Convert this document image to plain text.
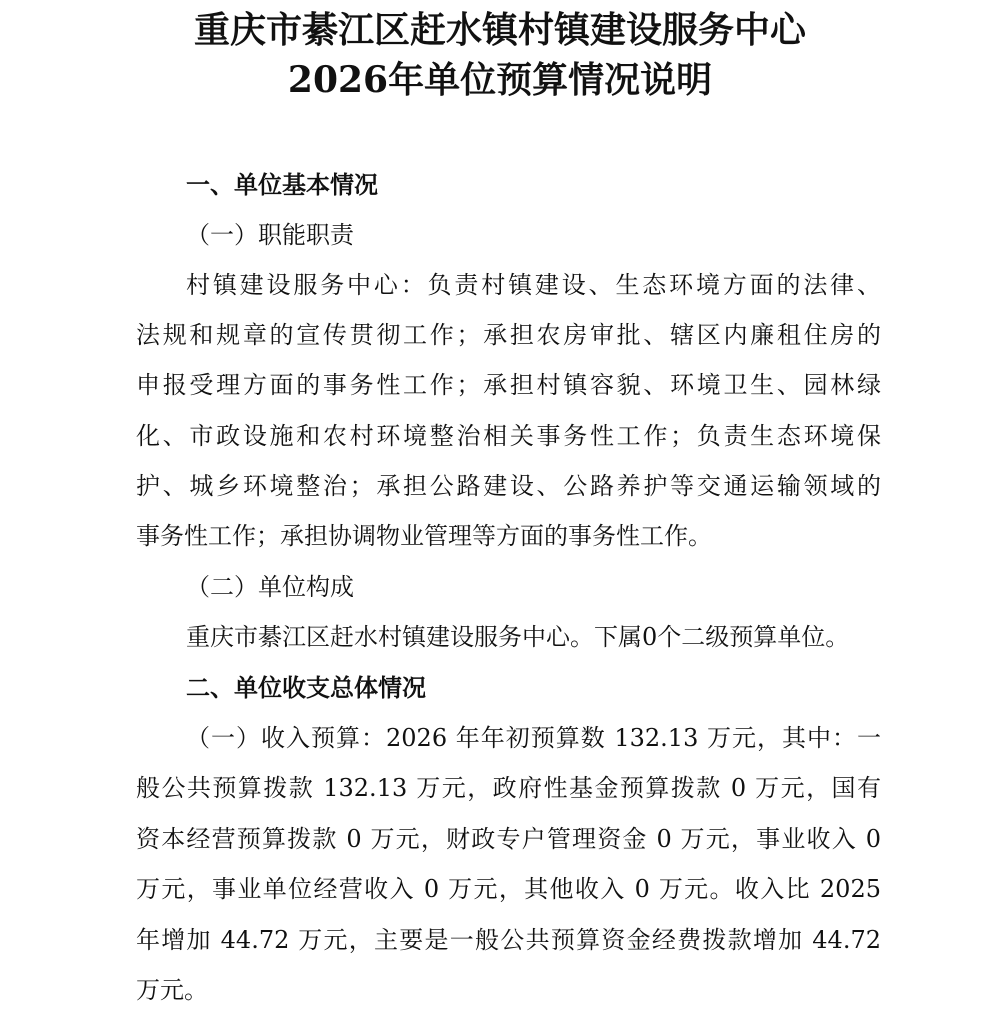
重庆市綦江区赶水镇村镇建设服务中心
2026年单位预算情况说明
一、单位基本情况
（一）职能职责
村镇建设服务中心：负责村镇建设、生态环境方面的法律、
法规和规章的宣传贯彻工作；承担农房审批、辖区内廉租住房的
申报受理方面的事务性工作；承担村镇容貌、环境卫生、园林绿
化、市政设施和农村环境整治相关事务性工作；负责生态环境保
护、城乡环境整治；承担公路建设、公路养护等交通运输领域的
事务性工作；承担协调物业管理等方面的事务性工作。
（二）单位构成
重庆市綦江区赶水村镇建设服务中心。下属0个二级预算单位。
二、单位收支总体情况
（一）收入预算：2026 年年初预算数 132.13 万元，其中：一
般公共预算拨款 132.13 万元，政府性基金预算拨款 0 万元，国有
资本经营预算拨款 0 万元，财政专户管理资金 0 万元，事业收入 0
万元，事业单位经营收入 0 万元，其他收入 0 万元。收入比 2025
年增加 44.72 万元，主要是一般公共预算资金经费拨款增加 44.72
万元。
